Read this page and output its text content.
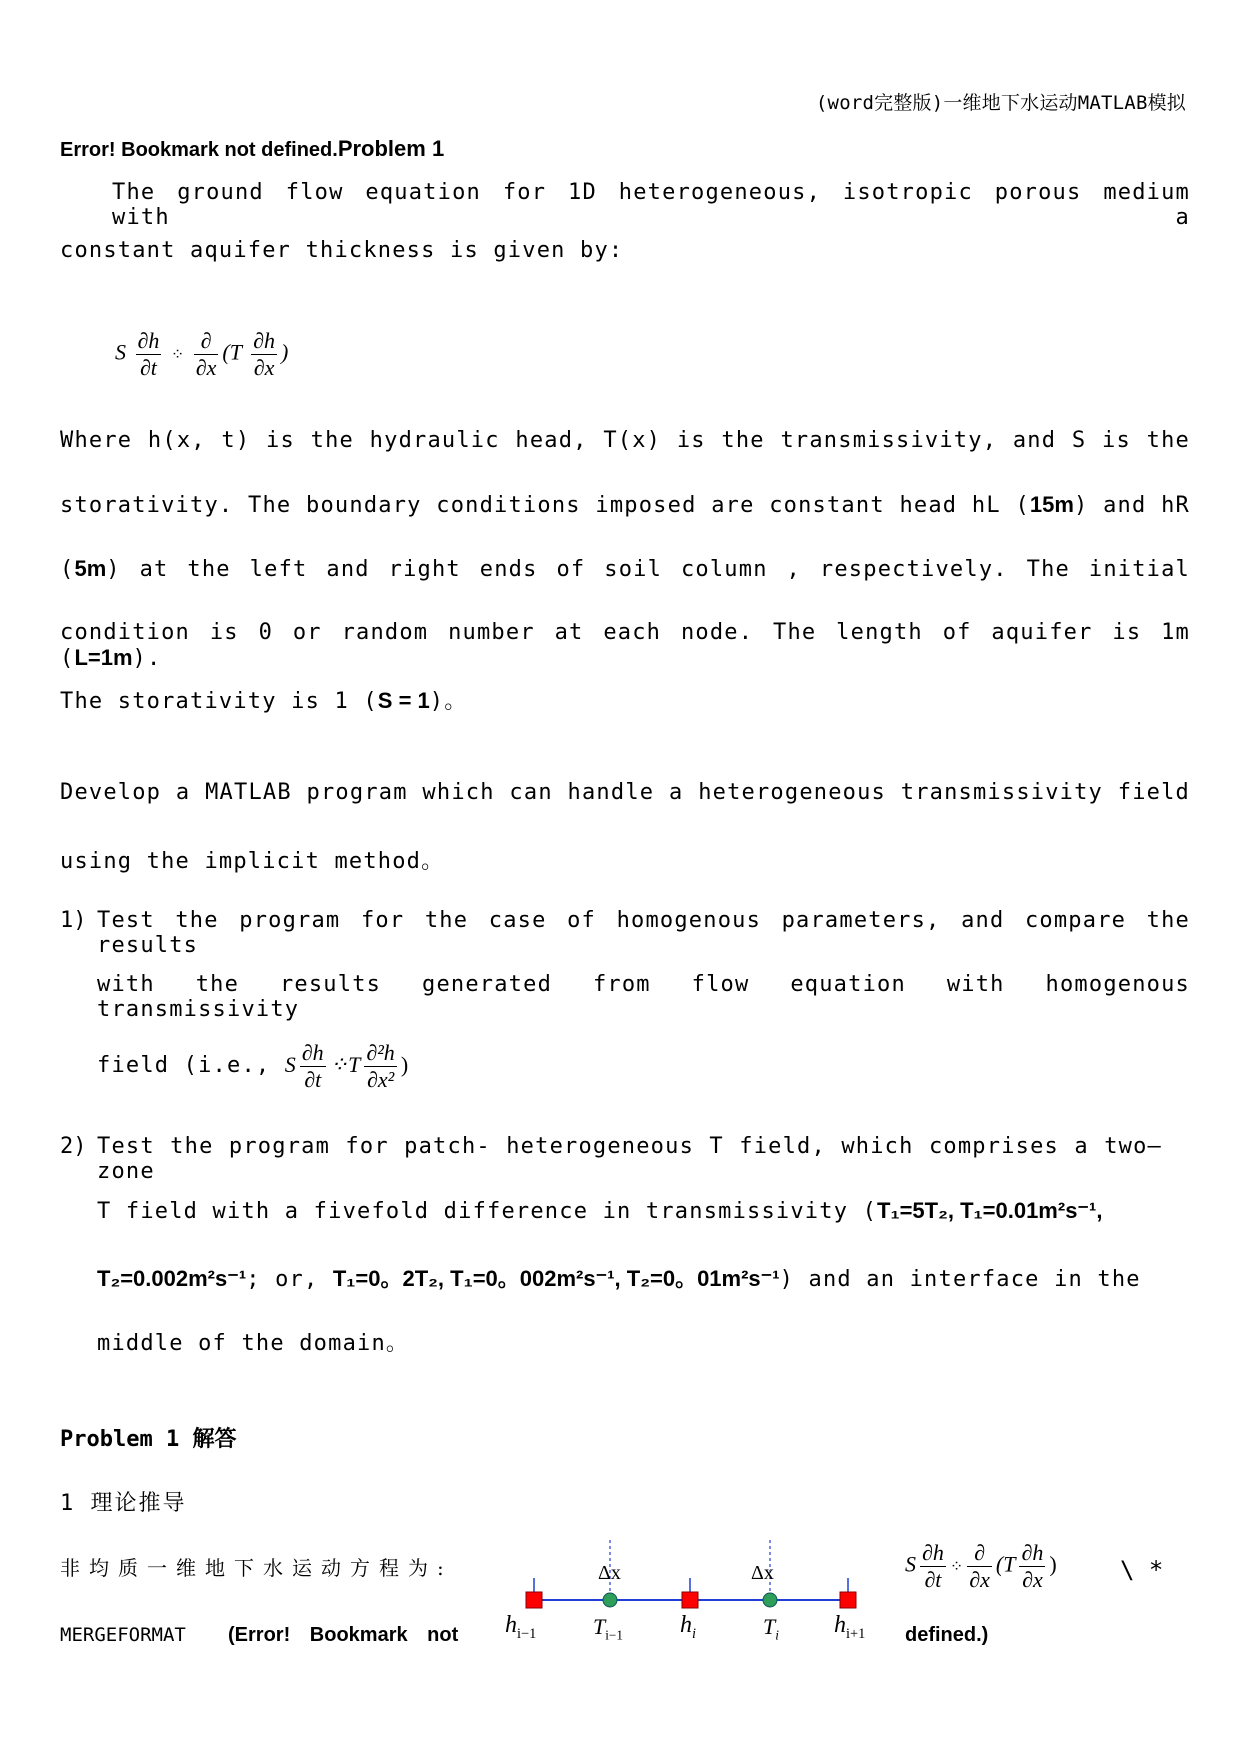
(word完整版)一维地下水运动MATLAB模拟
Error! Bookmark not defined.Problem 1
The ground flow equation for 1D heterogeneous, isotropic porous medium with a
constant aquifer thickness is given by:
S $\frac{\partial h}{\partial t}$ ⁘ $\frac{\partial}{\partial x} (T \frac{\partial h}{\partial x}$ )
Where h(x, t) is the hydraulic head, T(x) is the transmissivity, and S is the
storativity. The boundary conditions imposed are constant head hL (15m) and hR
(5m) at the left and right ends of soil column , respectively. The initial
condition is 0 or random number at each node. The length of aquifer is 1m (L=1m).
The storativity is 1 (S = 1)。
Develop a MATLAB program which can handle a heterogeneous transmissivity field
using the implicit method。
1) Test the program for the case of homogenous parameters, and compare the results
with the results generated from flow equation with homogenous transmissivity
field (i.e., S $\frac{\partial h}{\partial t}$ ⁘T $\frac{\text{∂²h}}{\text{∂x²}}$ )
2) Test the program for patch- heterogeneous T field, which comprises a two—zone
T field with a fivefold difference in transmissivity (T₁=5T₂, T₁=0.01m²s⁻¹,
T₂=0.002m²s⁻¹; or, T₁=0。2T₂, T₁=0。002m²s⁻¹, T₂=0。01m²s⁻¹) and an interface in the
middle of the domain。
Problem 1 解答
1 理论推导
非均质一维地下水运动方程为:	Δx	Δx
$h_{i-1}$	$T_{i-1}$ $h_i$	$T_i$ $h_{i+1}$
S $\frac{\partial h}{\partial t}$ ⁘ $\frac{\partial}{\partial x} (T \frac{\partial h}{\partial x}$ )	\ *
MERGEFORMAT (Error! Bookmark not	defined.)
